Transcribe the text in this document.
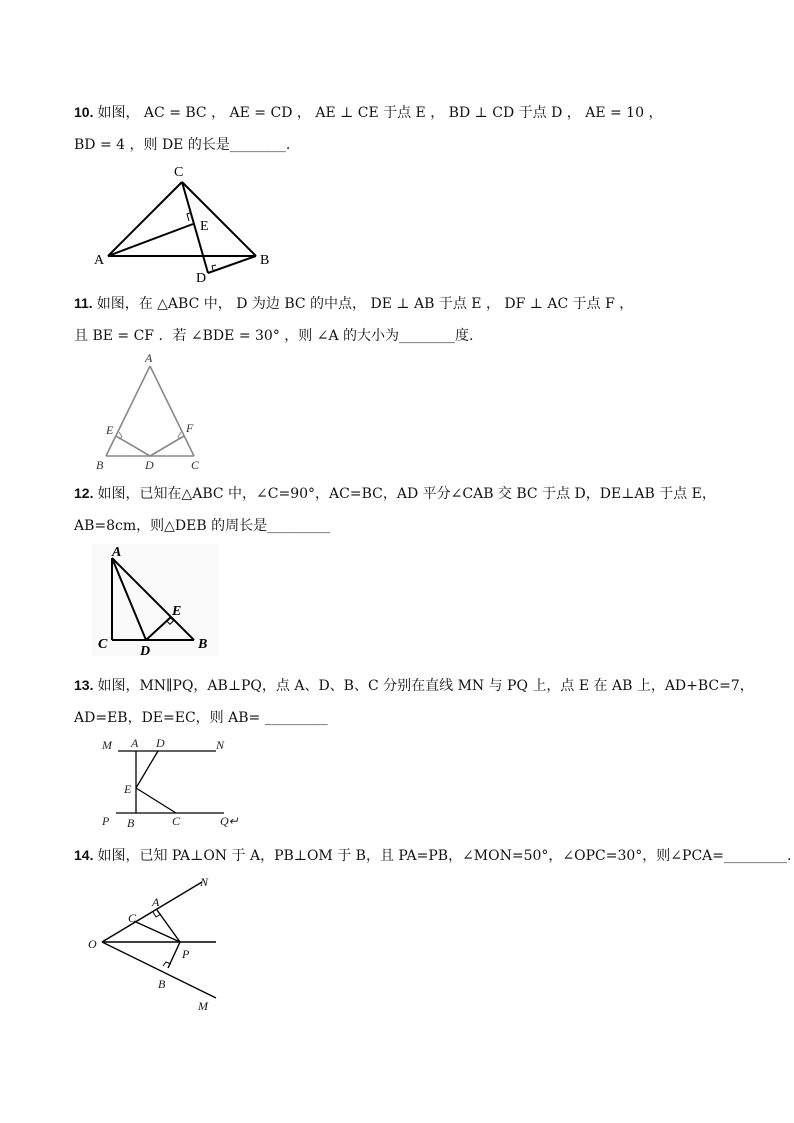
10. 如图， AC = BC ， AE = CD ， AE ⊥ CE 于点 E ， BD ⊥ CD 于点 D ， AE = 10 ，
BD = 4 ，则 DE 的长是________.
C
A	B
E
D
11. 如图，在 △ABC 中， D 为边 BC 的中点， DE ⊥ AB 于点 E ， DF ⊥ AC 于点 F ，
且 BE = CF ．若 ∠BDE = 30° ，则 ∠A 的大小为________度.
A
E	F
B	D	C
12. 如图，已知在△ABC 中，∠C=90°，AC=BC，AD 平分∠CAB 交 BC 于点 D，DE⊥AB 于点 E，
AB=8cm，则△DEB 的周长是_________
A
E
C D	B
13. 如图，MN∥PQ，AB⊥PQ，点 A、D、B、C 分别在直线 MN 与 PQ 上，点 E 在 AB 上，AD+BC=7，
AD=EB，DE=EC，则 AB= _________
M A D	N
E
P B	C	Q↵
14. 如图，已知 PA⊥ON 于 A，PB⊥OM 于 B，且 PA=PB，∠MON=50°，∠OPC=30°，则∠PCA=_________.
N
A
C
O
P
B
M
